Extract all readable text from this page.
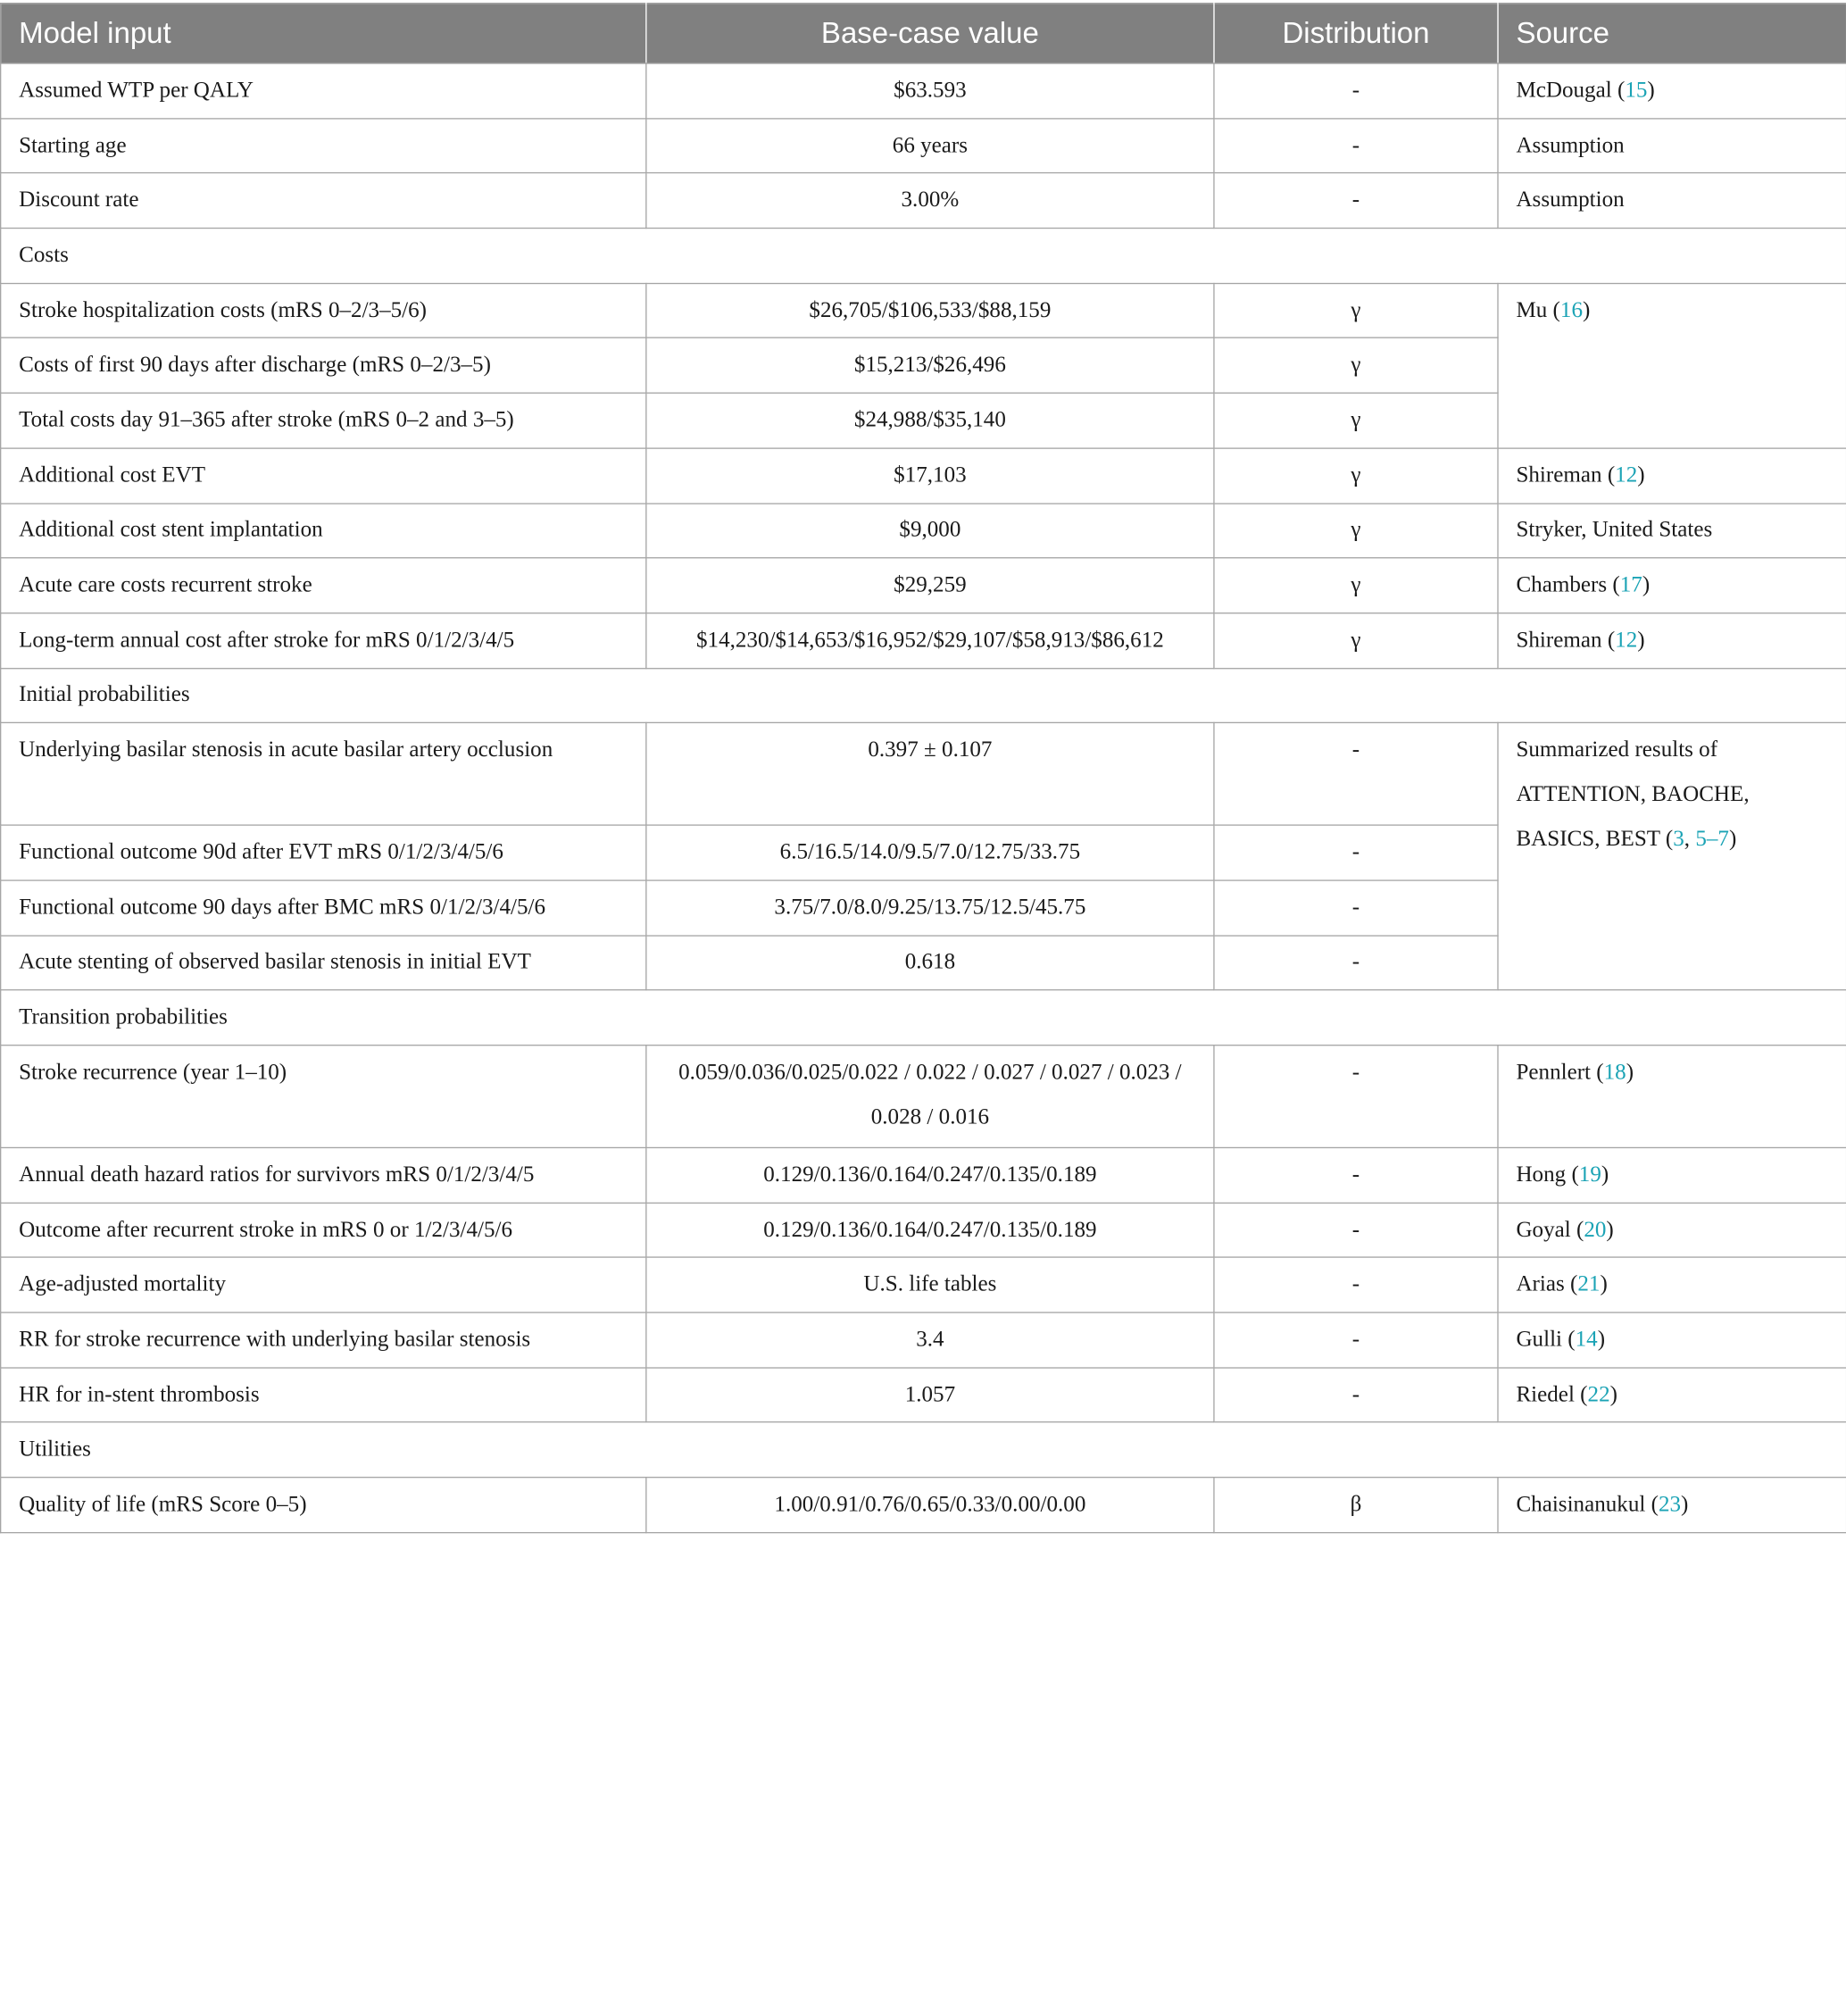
Model input	Base-case value	Distribution	Source
Assumed WTP per QALY	$63.593	-	McDougal (15)
Starting age	66 years	-	Assumption
Discount rate	3.00%	-	Assumption
Costs			
Stroke hospitalization costs (mRS 0–2/3–5/6)	$26,705/$106,533/$88,159	γ	Mu (16)
Costs of first 90 days after discharge (mRS 0–2/3–5)	$15,213/$26,496	γ	
Total costs day 91–365 after stroke (mRS 0–2 and 3–5)	$24,988/$35,140	γ	
Additional cost EVT	$17,103	γ	Shireman (12)
Additional cost stent implantation	$9,000	γ	Stryker, United States
Acute care costs recurrent stroke	$29,259	γ	Chambers (17)
Long-term annual cost after stroke for mRS 0/1/2/3/4/5	$14,230/$14,653/$16,952/$29,107/$58,913/$86,612	γ	Shireman (12)
Initial probabilities			
Underlying basilar stenosis in acute basilar artery occlusion	0.397 ± 0.107	-	Summarized results of ATTENTION, BAOCHE, BASICS, BEST (3, 5–7)
Functional outcome 90d after EVT mRS 0/1/2/3/4/5/6	6.5/16.5/14.0/9.5/7.0/12.75/33.75	-	
Functional outcome 90 days after BMC mRS 0/1/2/3/4/5/6	3.75/7.0/8.0/9.25/13.75/12.5/45.75	-	
Acute stenting of observed basilar stenosis in initial EVT	0.618	-	
Transition probabilities			
Stroke recurrence (year 1–10)	0.059/0.036/0.025/0.022 / 0.022 / 0.027 / 0.027 / 0.023 / 0.028 / 0.016	-	Pennlert (18)
Annual death hazard ratios for survivors mRS 0/1/2/3/4/5	0.129/0.136/0.164/0.247/0.135/0.189	-	Hong (19)
Outcome after recurrent stroke in mRS 0 or 1/2/3/4/5/6	0.129/0.136/0.164/0.247/0.135/0.189	-	Goyal (20)
Age-adjusted mortality	U.S. life tables	-	Arias (21)
RR for stroke recurrence with underlying basilar stenosis	3.4	-	Gulli (14)
HR for in-stent thrombosis	1.057	-	Riedel (22)
Utilities			
Quality of life (mRS Score 0–5)	1.00/0.91/0.76/0.65/0.33/0.00/0.00	β	Chaisinanukul (23)
